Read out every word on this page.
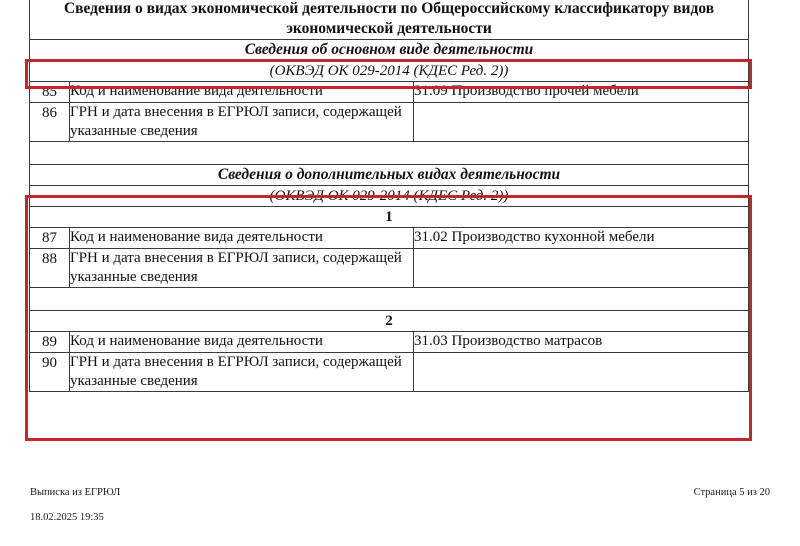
Сведения о видах экономической деятельности по Общероссийскому классификатору видов экономической деятельности		
Сведения об основном виде деятельности		
(ОКВЭД ОК 029-2014 (КДЕС Ред. 2))		
85	Код и наименование вида деятельности	31.09 Производство прочей мебели
86	ГРН и дата внесения в ЕГРЮЛ записи, содержащей указанные сведения	

Сведения о дополнительных видах деятельности		
(ОКВЭД ОК 029-2014 (КДЕС Ред. 2))		
1		
87	Код и наименование вида деятельности	31.02 Производство кухонной мебели
88	ГРН и дата внесения в ЕГРЮЛ записи, содержащей указанные сведения	

2		
89	Код и наименование вида деятельности	31.03 Производство матрасов
90	ГРН и дата внесения в ЕГРЮЛ записи, содержащей указанные сведения	

Выписка из ЕГРЮЛ

18.02.2025 19:35

Страница 5 из 20
